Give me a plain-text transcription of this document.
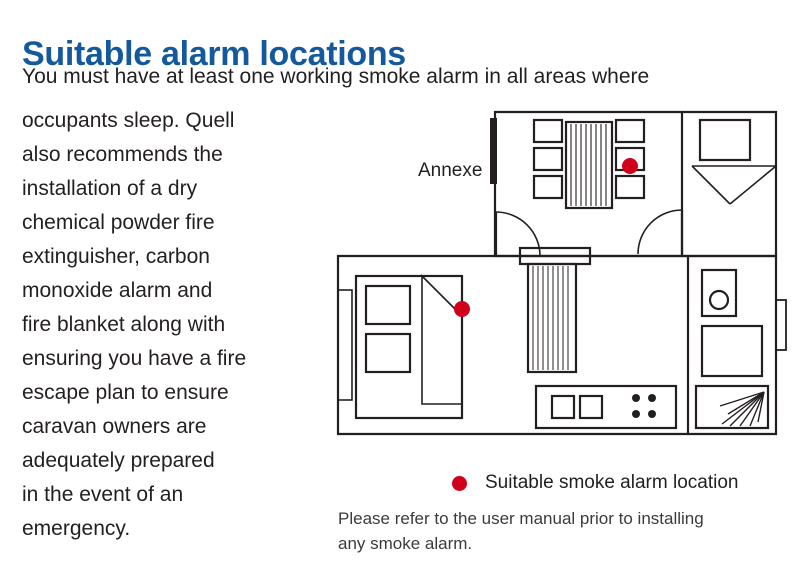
Suitable alarm locations
You must have at least one working smoke alarm in all areas where
occupants sleep. Quell
also recommends the
installation of a dry
chemical powder fire
extinguisher, carbon
monoxide alarm and
fire blanket along with
ensuring you have a fire
escape plan to ensure
caravan owners are
adequately prepared
in the event of an
emergency.
Annexe
Suitable smoke alarm location
Please refer to the user manual prior to installing
any smoke alarm.
